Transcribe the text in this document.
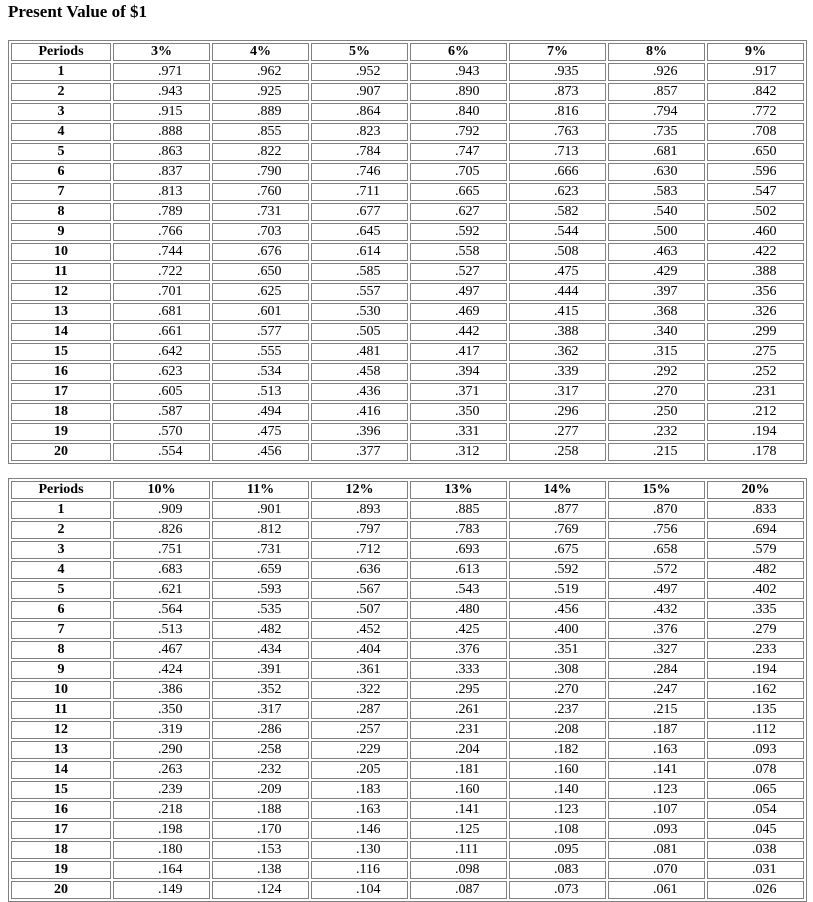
Present Value of $1
Periods	3%	4%	5%	6%	7%	8%	9%
1	.971	.962	.952	.943	.935	.926	.917
2	.943	.925	.907	.890	.873	.857	.842
3	.915	.889	.864	.840	.816	.794	.772
4	.888	.855	.823	.792	.763	.735	.708
5	.863	.822	.784	.747	.713	.681	.650
6	.837	.790	.746	.705	.666	.630	.596
7	.813	.760	.711	.665	.623	.583	.547
8	.789	.731	.677	.627	.582	.540	.502
9	.766	.703	.645	.592	.544	.500	.460
10	.744	.676	.614	.558	.508	.463	.422
11	.722	.650	.585	.527	.475	.429	.388
12	.701	.625	.557	.497	.444	.397	.356
13	.681	.601	.530	.469	.415	.368	.326
14	.661	.577	.505	.442	.388	.340	.299
15	.642	.555	.481	.417	.362	.315	.275
16	.623	.534	.458	.394	.339	.292	.252
17	.605	.513	.436	.371	.317	.270	.231
18	.587	.494	.416	.350	.296	.250	.212
19	.570	.475	.396	.331	.277	.232	.194
20	.554	.456	.377	.312	.258	.215	.178
Periods	10%	11%	12%	13%	14%	15%	20%
1	.909	.901	.893	.885	.877	.870	.833
2	.826	.812	.797	.783	.769	.756	.694
3	.751	.731	.712	.693	.675	.658	.579
4	.683	.659	.636	.613	.592	.572	.482
5	.621	.593	.567	.543	.519	.497	.402
6	.564	.535	.507	.480	.456	.432	.335
7	.513	.482	.452	.425	.400	.376	.279
8	.467	.434	.404	.376	.351	.327	.233
9	.424	.391	.361	.333	.308	.284	.194
10	.386	.352	.322	.295	.270	.247	.162
11	.350	.317	.287	.261	.237	.215	.135
12	.319	.286	.257	.231	.208	.187	.112
13	.290	.258	.229	.204	.182	.163	.093
14	.263	.232	.205	.181	.160	.141	.078
15	.239	.209	.183	.160	.140	.123	.065
16	.218	.188	.163	.141	.123	.107	.054
17	.198	.170	.146	.125	.108	.093	.045
18	.180	.153	.130	.111	.095	.081	.038
19	.164	.138	.116	.098	.083	.070	.031
20	.149	.124	.104	.087	.073	.061	.026
